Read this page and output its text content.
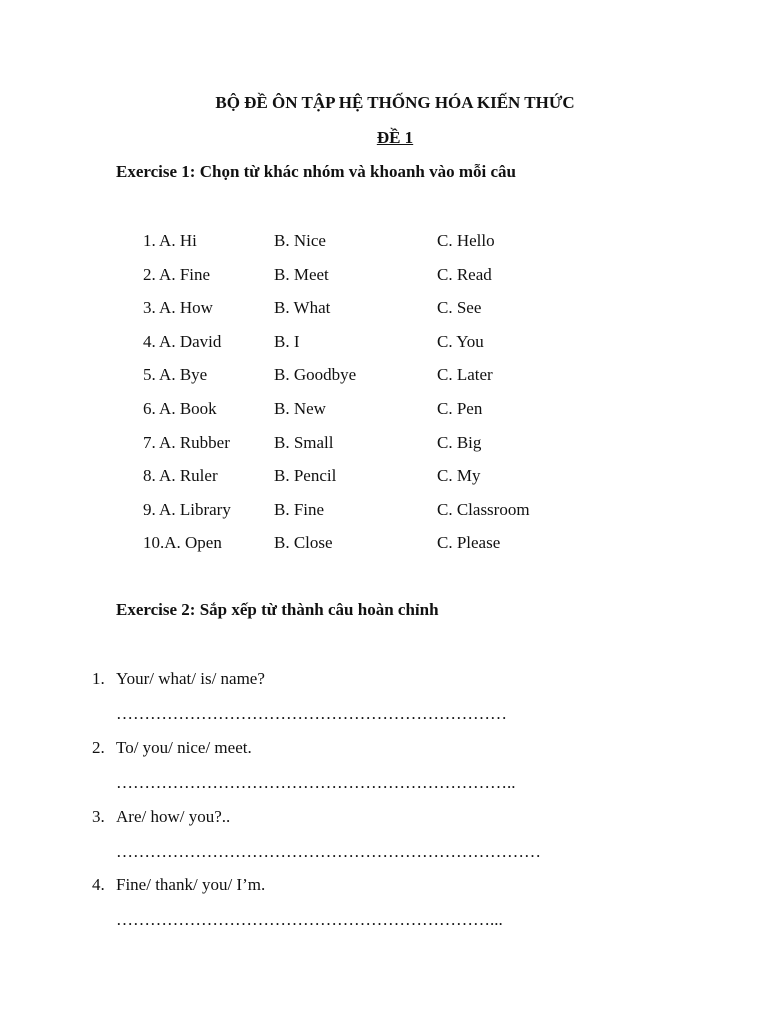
BỘ ĐỀ ÔN TẬP HỆ THỐNG HÓA KIẾN THỨC
ĐỀ 1
Exercise 1: Chọn từ khác nhóm và khoanh vào mỗi câu
1. A. Hi	B. Nice	C. Hello
2. A. Fine	B. Meet	C. Read
3. A. How	B. What	C. See
4. A. David	B. I	C. You
5. A. Bye	B. Goodbye	C. Later
6. A. Book	B. New	C. Pen
7. A. Rubber	B. Small	C. Big
8. A. Ruler	B. Pencil	C. My
9. A. Library	B. Fine	C. Classroom
10.A. Open	B. Close	C. Please
Exercise 2: Sắp xếp từ thành câu hoàn chỉnh
1. Your/ what/ is/ name?
……………………………………………………………
2. To/ you/ nice/ meet.
……………………………………………………………..
3. Are/ how/ you?..
…………………………………………………………………
4. Fine/ thank/ you/ I’m.
…………………………………………………………...
